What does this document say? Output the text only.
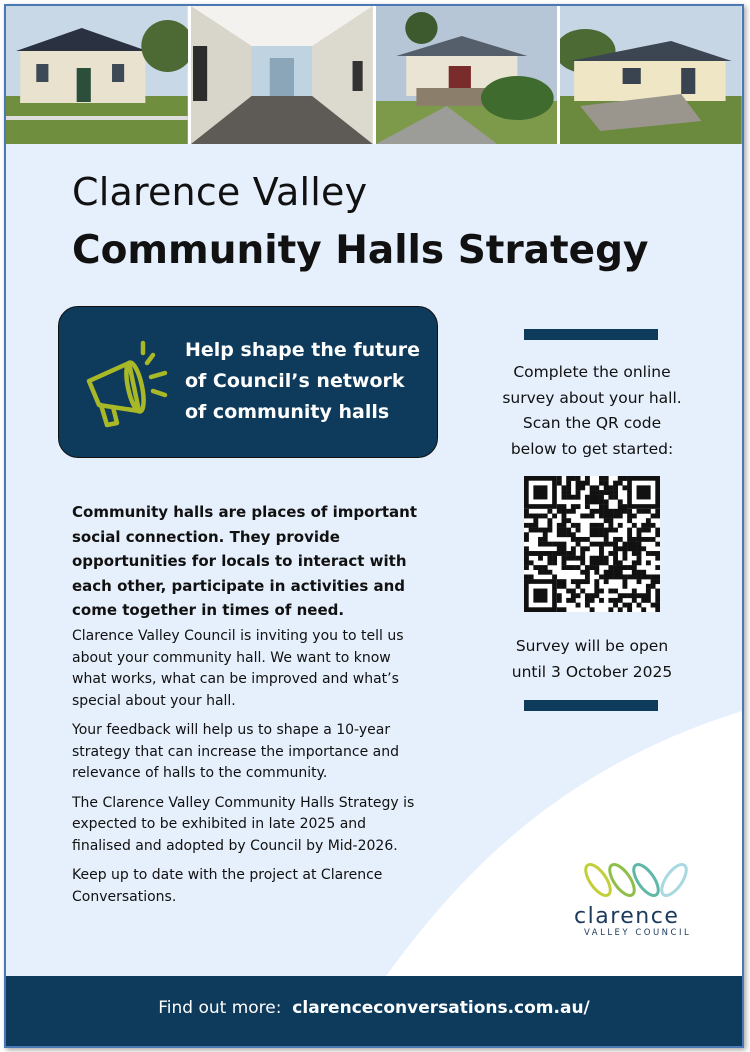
Clarence Valley
Community Halls Strategy
Help shape the future
of Council’s network
of community halls
Complete the online
survey about your hall.
Scan the QR code
below to get started:
Survey will be open
until 3 October 2025
Community halls are places of important social connection. They provide opportunities for locals to interact with each other, participate in activities and come together in times of need.

Clarence Valley Council is inviting you to tell us about your community hall. We want to know what works, what can be improved and what’s special about your hall.

Your feedback will help us to shape a 10-year strategy that can increase the importance and relevance of halls to the community.

The Clarence Valley Community Halls Strategy is expected to be exhibited in late 2025 and finalised and adopted by Council by Mid-2026.

Keep up to date with the project at Clarence Conversations.

clarence
VALLEY COUNCIL
Find out more: clarenceconversations.com.au/
